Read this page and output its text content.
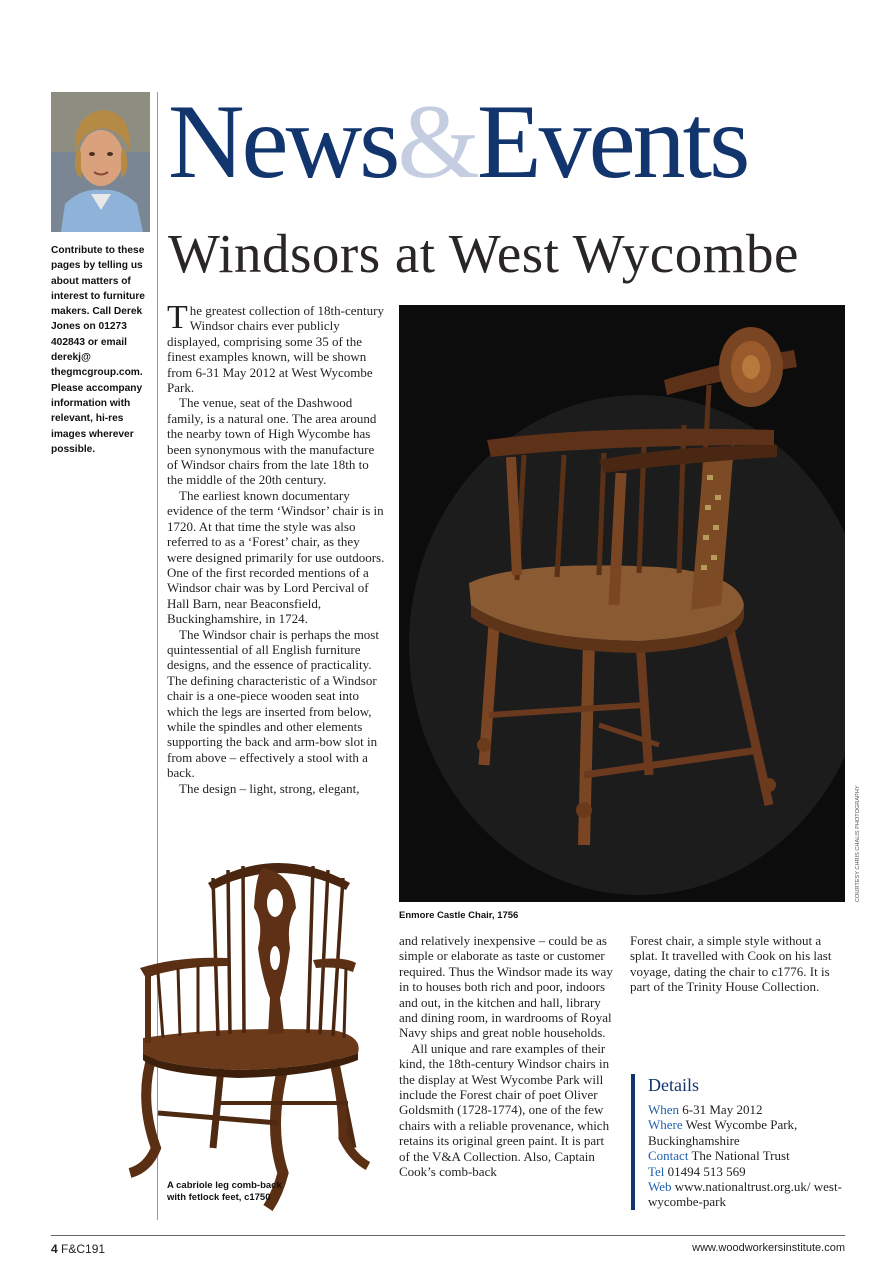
Contribute to these pages by telling us about matters of interest to furniture makers. Call Derek Jones on 01273 402843 or email derekj@ thegmcgroup.com. Please accompany information with relevant, hi-res images wherever possible.
News&Events
Windsors at West Wycombe

The greatest collection of 18th-century Windsor chairs ever publicly displayed, comprising some 35 of the finest examples known, will be shown from 6-31 May 2012 at West Wycombe Park.

The venue, seat of the Dashwood family, is a natural one. The area around the nearby town of High Wycombe has been synonymous with the manufacture of Windsor chairs from the late 18th to the middle of the 20th century.

The earliest known documentary evidence of the term ‘Windsor’ chair is in 1720. At that time the style was also referred to as a ‘Forest’ chair, as they were designed primarily for use outdoors. One of the first recorded mentions of a Windsor chair was by Lord Percival of Hall Barn, near Beaconsfield, Buckinghamshire, in 1724.

The Windsor chair is perhaps the most quintessential of all English furniture designs, and the essence of practicality. The defining characteristic of a Windsor chair is a one-piece wooden seat into which the legs are inserted from below, while the spindles and other elements supporting the back and arm-bow slot in from above – effectively a stool with a back.

The design – light, strong, elegant,	COURTESY CHRIS CHALIS PHOTOGRAPHY
Enmore Castle Chair, 1756
A cabriole leg comb-back with fetlock feet, c1750

and relatively inexpensive – could be as simple or elaborate as taste or customer required. Thus the Windsor made its way in to houses both rich and poor, indoors and out, in the kitchen and hall, library and dining room, in wardrooms of Royal Navy ships and great noble households.

All unique and rare examples of their kind, the 18th-century Windsor chairs in the display at West Wycombe Park will include the Forest chair of poet Oliver Goldsmith (1728-1774), one of the few chairs with a reliable provenance, which retains its original green paint. It is part of the V&A Collection. Also, Captain Cook’s comb-back

Forest chair, a simple style without a splat. It travelled with Cook on his last voyage, dating the chair to c1776. It is part of the Trinity House Collection.

Details
When 6-31 May 2012
Where West Wycombe Park, Buckinghamshire
Contact The National Trust
Tel 01494 513 569
Web www.nationaltrust.org.uk/ west-wycombe-park
4 F&C191	www.woodworkersinstitute.com
